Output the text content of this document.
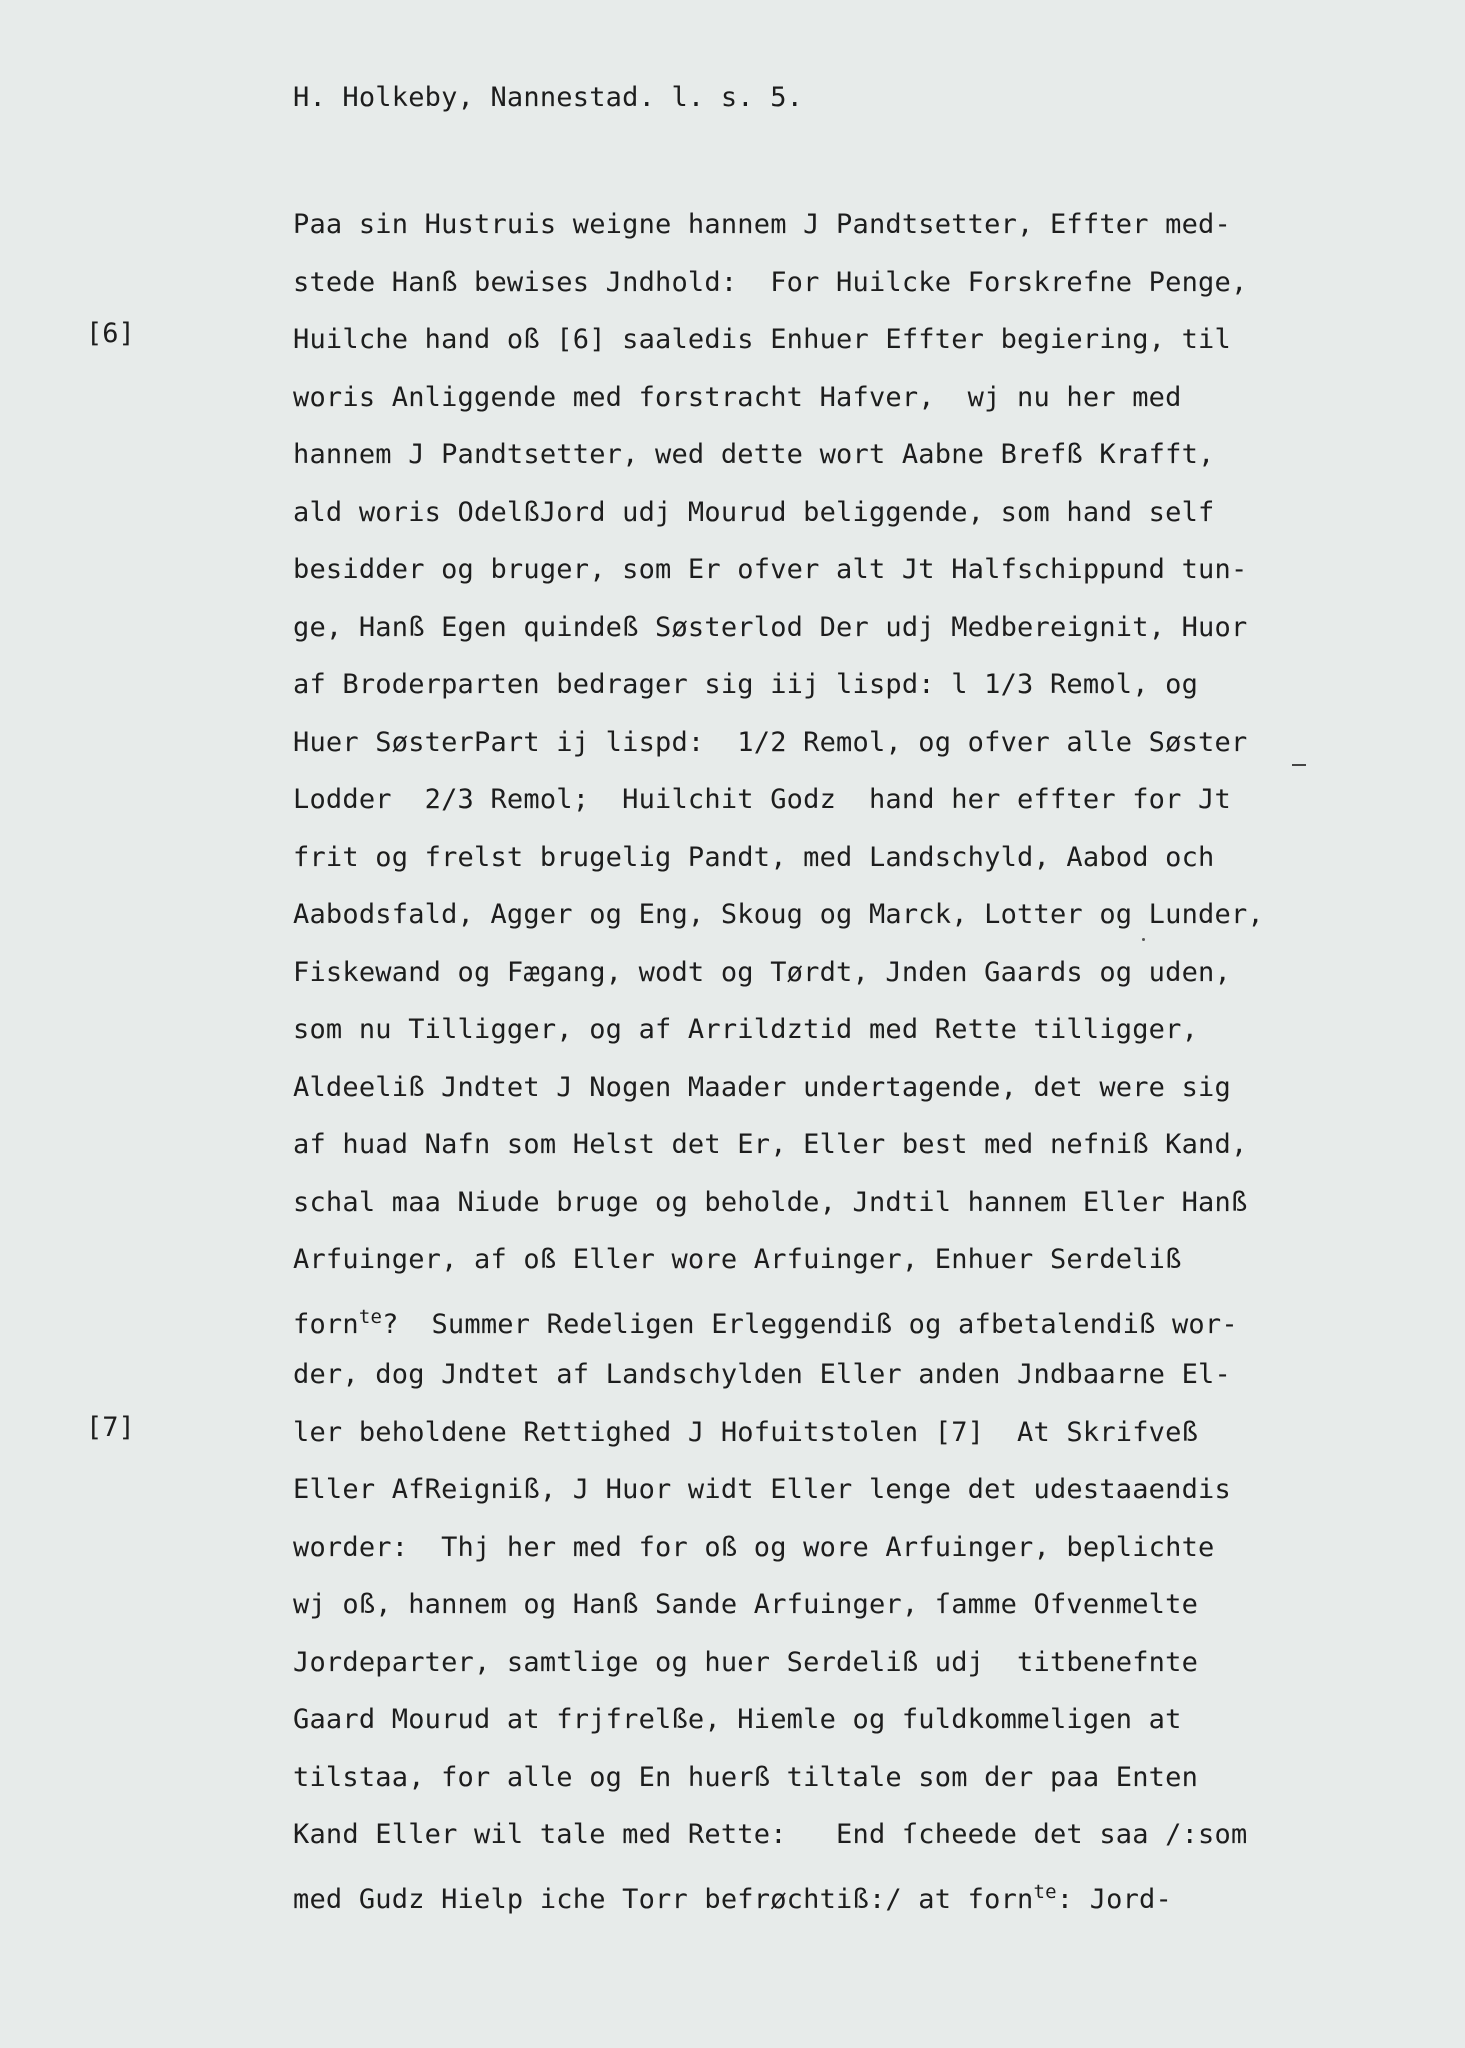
H. Holkeby, Nannestad. l. s. 5.
[6]
[7]
Paa sin Hustruis weigne hannem J Pandtsetter, Effter med-
stede Hanß bewises Jndhold:  For Huilcke Forskrefne Penge,
Huilche hand oß [6] saaledis Enhuer Effter begiering, til
woris Anliggende med forstracht Hafver,  wj nu her med
hannem J Pandtsetter, wed dette wort Aabne Brefß Krafft,
ald woris OdelßJord udj Mourud beliggende, som hand self
besidder og bruger, som Er ofver alt Jt Halfschippund tun-
ge, Hanß Egen quindeß Søsterlod Der udj Medbereignit, Huor
af Broderparten bedrager sig iij lispd: l 1/3 Remol, og
Huer SøsterPart ij lispd:  1/2 Remol, og ofver alle Søster
Lodder  2/3 Remol;  Huilchit Godz  hand her effter for Jt
frit og frelst brugelig Pandt, med Landschyld, Aabod och
Aabodsfald, Agger og Eng, Skoug og Marck, Lotter og Lunder,
Fiskewand og Fægang, wodt og Tørdt, Jnden Gaards og uden,
som nu Tilligger, og af Arrildztid med Rette tilligger,
Aldeeliß Jndtet J Nogen Maader undertagende, det were sig
af huad Nafn som Helst det Er, Eller best med nefniß Kand,
schal maa Niude bruge og beholde, Jndtil hannem Eller Hanß
Arfuinger, af oß Eller wore Arfuinger, Enhuer Serdeliß
forn$^{te}$?  Summer Redeligen Erleggendiß og afbetalendiß wor-
der, dog Jndtet af Landschylden Eller anden Jndbaarne El-
ler beholdene Rettighed J Hofuitstolen [7]  At Skrifveß
Eller AfReigniß, J Huor widt Eller lenge det udestaaendis
worder:  Thj her med for oß og wore Arfuinger, beplichte
wj oß, hannem og Hanß Sande Arfuinger, ſamme Ofvenmelte
Jordeparter, samtlige og huer Serdeliß udj  titbenefnte
Gaard Mourud at frjfrelße, Hiemle og fuldkommeligen at
tilstaa, for alle og En huerß tiltale som der paa Enten
Kand Eller wil tale med Rette:   End ſcheede det saa /:som
med Gudz Hielp iche Torr befrøchtiß:/ at forn$^{te}$: Jord-
